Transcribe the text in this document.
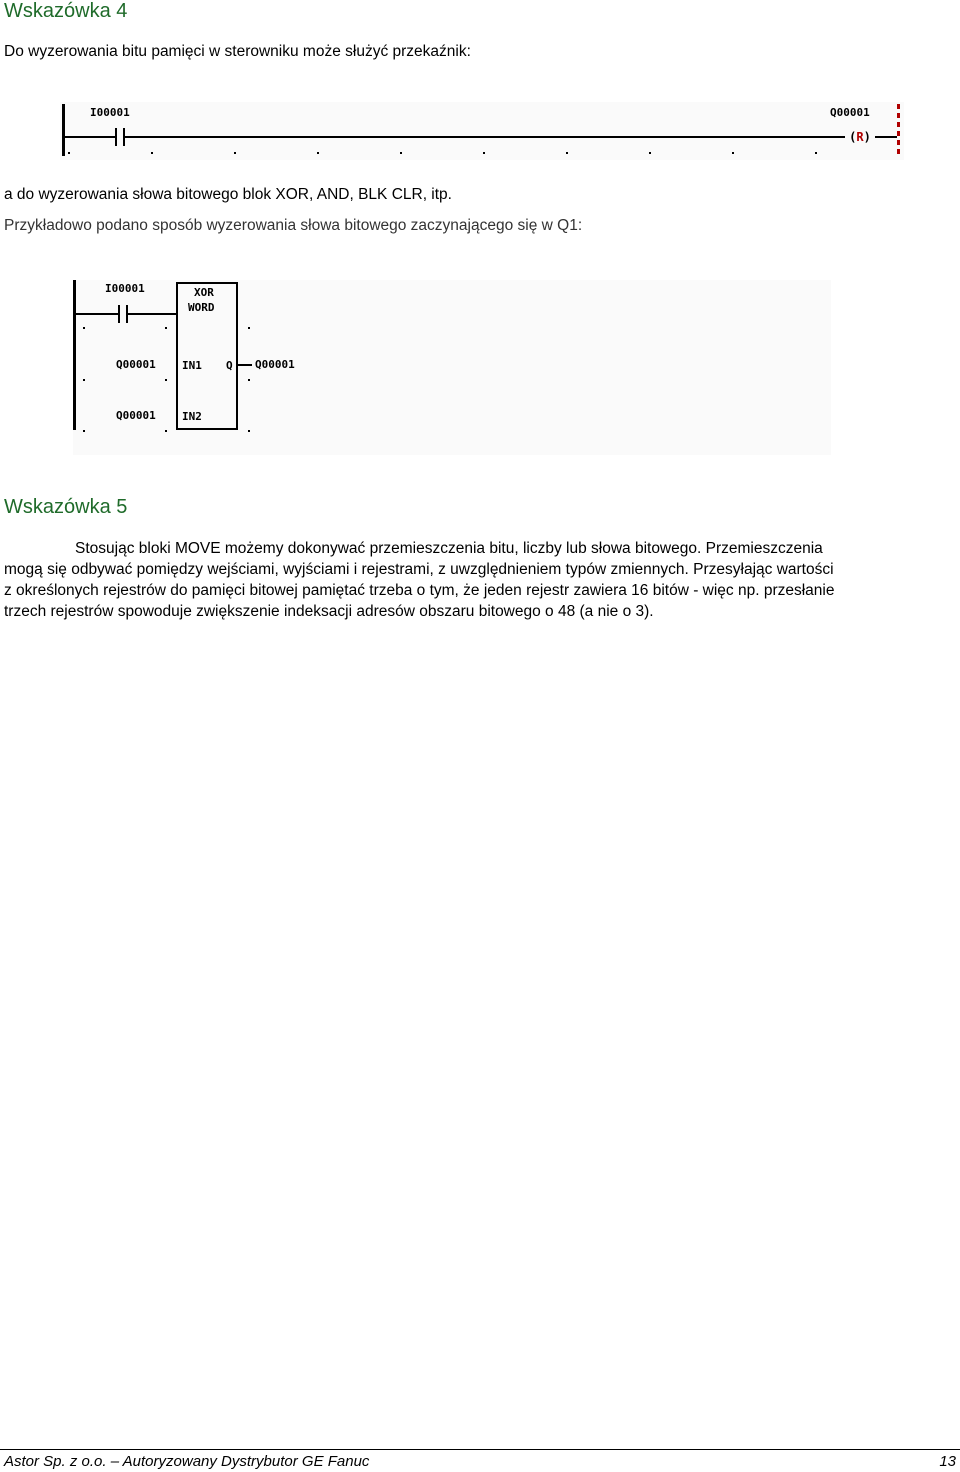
Wskazówka 4

Do wyzerowania bitu pamięci w sterowniku może służyć przekaźnik:

I00001	Q00001
(R)

a do wyzerowania słowa bitowego blok XOR, AND, BLK CLR, itp.

Przykładowo podano sposób wyzerowania słowa bitowego zaczynającego się w Q1:

I00001	XOR
WORD
IN1
IN2
Q
Q00001
Q00001
Q00001
Wskazówka 5
Stosując bloki MOVE możemy dokonywać przemieszczenia bitu, liczby lub słowa bitowego. Przemieszczenia
mogą się odbywać pomiędzy wejściami, wyjściami i rejestrami, z uwzględnieniem typów zmiennych. Przesyłając wartości
z określonych rejestrów do pamięci bitowej pamiętać trzeba o tym, że jeden rejestr zawiera 16 bitów - więc np. przesłanie
trzech rejestrów spowoduje zwiększenie indeksacji adresów obszaru bitowego o 48 (a nie o 3).
Astor Sp. z o.o. – Autoryzowany Dystrybutor GE Fanuc	13
